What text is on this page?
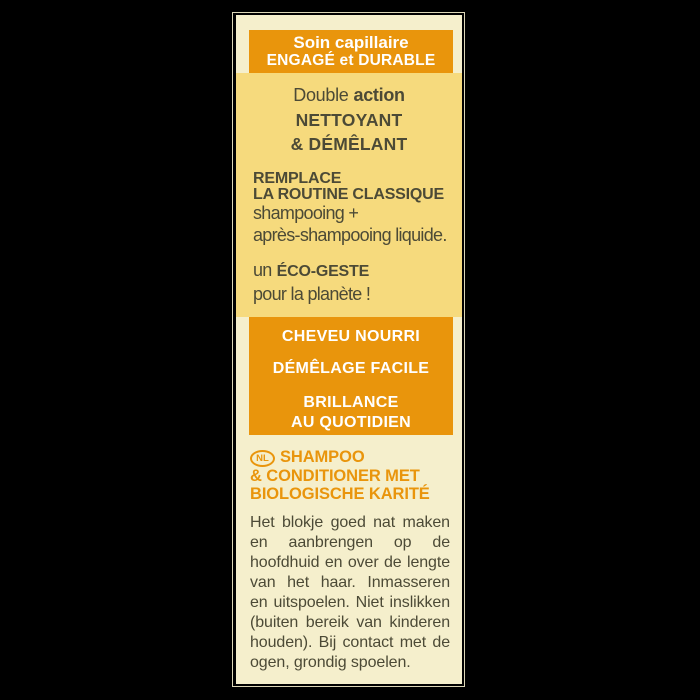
Soin capillaire
ENGAGÉ et DURABLE
Double action
NETTOYANT
& DÉMÊLANT
REMPLACE
LA ROUTINE CLASSIQUE
shampooing +
après-shampooing liquide.
un ÉCO-GESTE
pour la planète !
CHEVEU NOURRI
DÉMÊLAGE FACILE
BRILLANCE
AU QUOTIDIEN
NL SHAMPOO
& CONDITIONER MET
BIOLOGISCHE KARITÉ
Het blokje goed nat maken
en aanbrengen op de
hoofdhuid en over de lengte
van het haar. Inmasseren
en uitspoelen. Niet inslikken
(buiten bereik van kinderen
houden). Bij contact met de
ogen, grondig spoelen.
